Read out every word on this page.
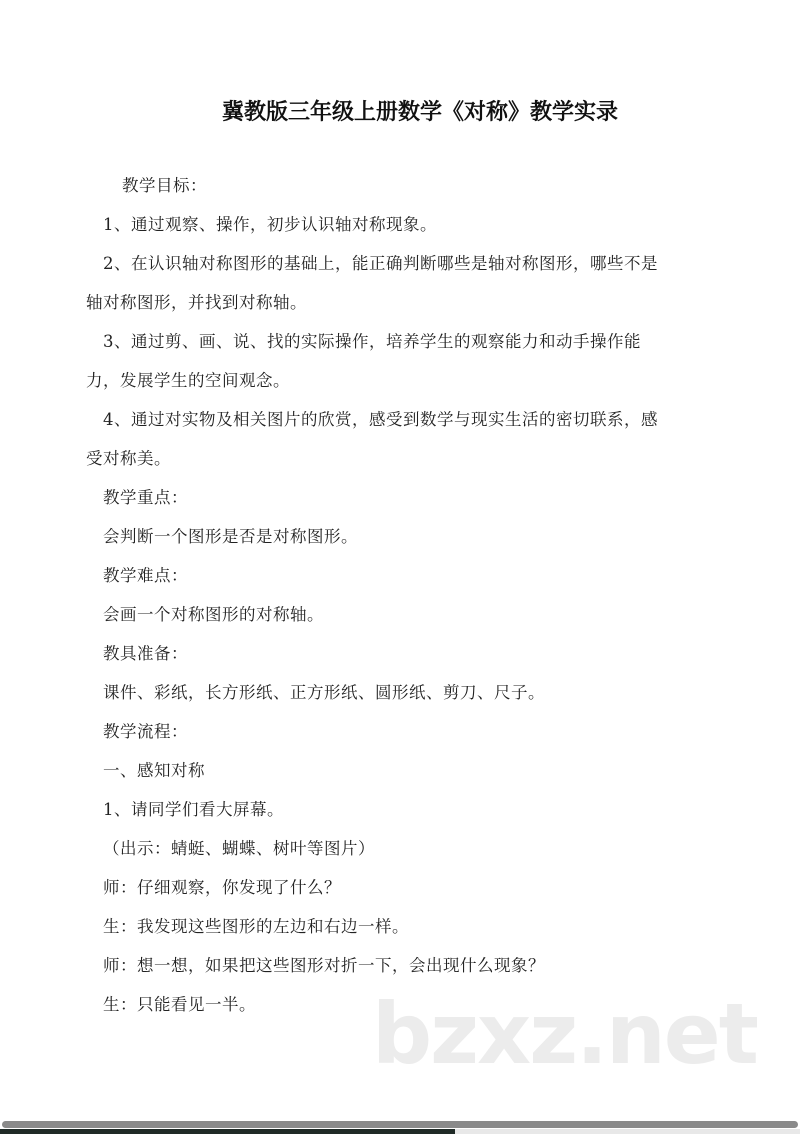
冀教版三年级上册数学《对称》教学实录
教学目标：
1、通过观察、操作，初步认识轴对称现象。
2、在认识轴对称图形的基础上，能正确判断哪些是轴对称图形，哪些不是
轴对称图形，并找到对称轴。
3、通过剪、画、说、找的实际操作，培养学生的观察能力和动手操作能
力，发展学生的空间观念。
4、通过对实物及相关图片的欣赏，感受到数学与现实生活的密切联系，感
受对称美。
教学重点：
会判断一个图形是否是对称图形。
教学难点：
会画一个对称图形的对称轴。
教具准备：
课件、彩纸，长方形纸、正方形纸、圆形纸、剪刀、尺子。
教学流程：
一、感知对称
1、请同学们看大屏幕。
（出示：蜻蜓、蝴蝶、树叶等图片）
师：仔细观察，你发现了什么？
生：我发现这些图形的左边和右边一样。
师：想一想，如果把这些图形对折一下，会出现什么现象？
生：只能看见一半。 bzxz.net
